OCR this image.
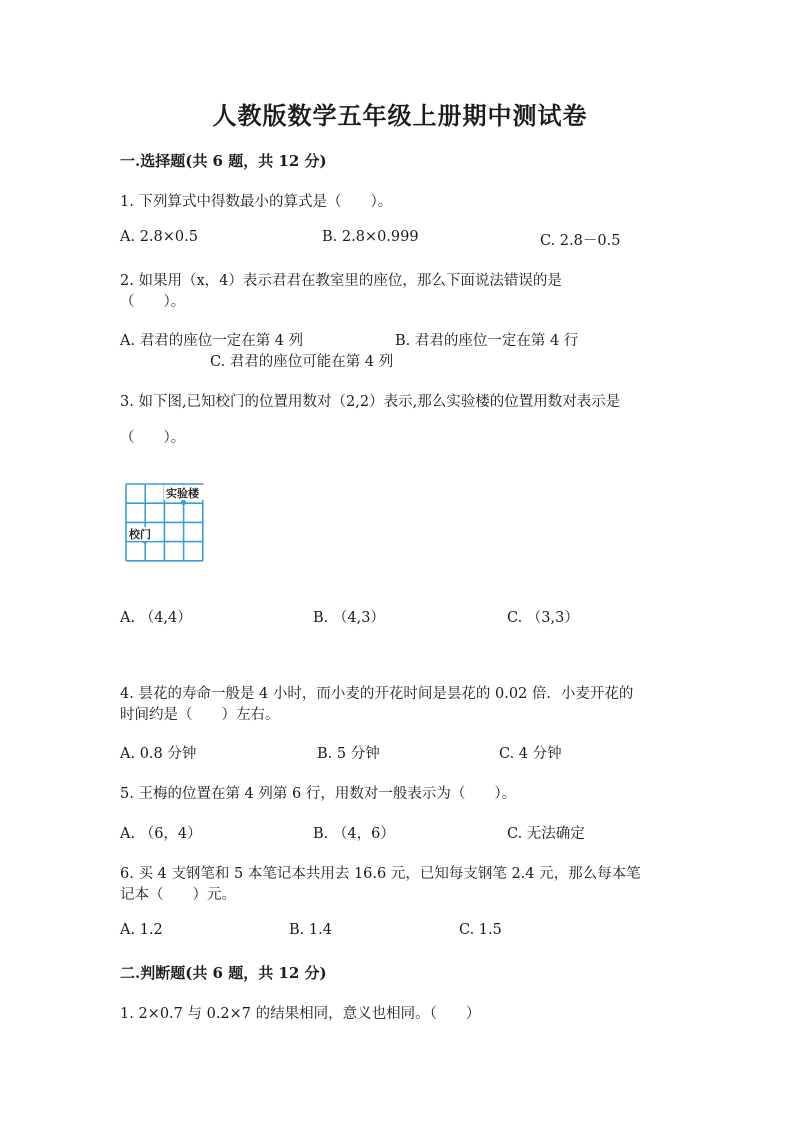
人教版数学五年级上册期中测试卷
一.选择题(共 6 题，共 12 分)
1. 下列算式中得数最小的算式是（　　）。
A. 2.8×0.5	B. 2.8×0.999	C. 2.8－0.5
2. 如果用（x，4）表示君君在教室里的座位，那么下面说法错误的是
（　　）。
A. 君君的座位一定在第 4 列	B. 君君的座位一定在第 4 行
C. 君君的座位可能在第 4 列
3. 如下图,已知校门的位置用数对（2,2）表示,那么实验楼的位置用数对表示是
（　　）。
实验楼
校门
A. （4,4）	B. （4,3）	C. （3,3）
4. 昙花的寿命一般是 4 小时，而小麦的开花时间是昙花的 0.02 倍．小麦开花的
时间约是（　　）左右。
A. 0.8 分钟	B. 5 分钟	C. 4 分钟
5. 王梅的位置在第 4 列第 6 行，用数对一般表示为（　　）。
A. （6，4）	B. （4，6）	C. 无法确定
6. 买 4 支钢笔和 5 本笔记本共用去 16.6 元，已知每支钢笔 2.4 元，那么每本笔
记本（　　）元。
A. 1.2	B. 1.4	C. 1.5
二.判断题(共 6 题，共 12 分)
1. 2×0.7 与 0.2×7 的结果相同，意义也相同。（　　）
